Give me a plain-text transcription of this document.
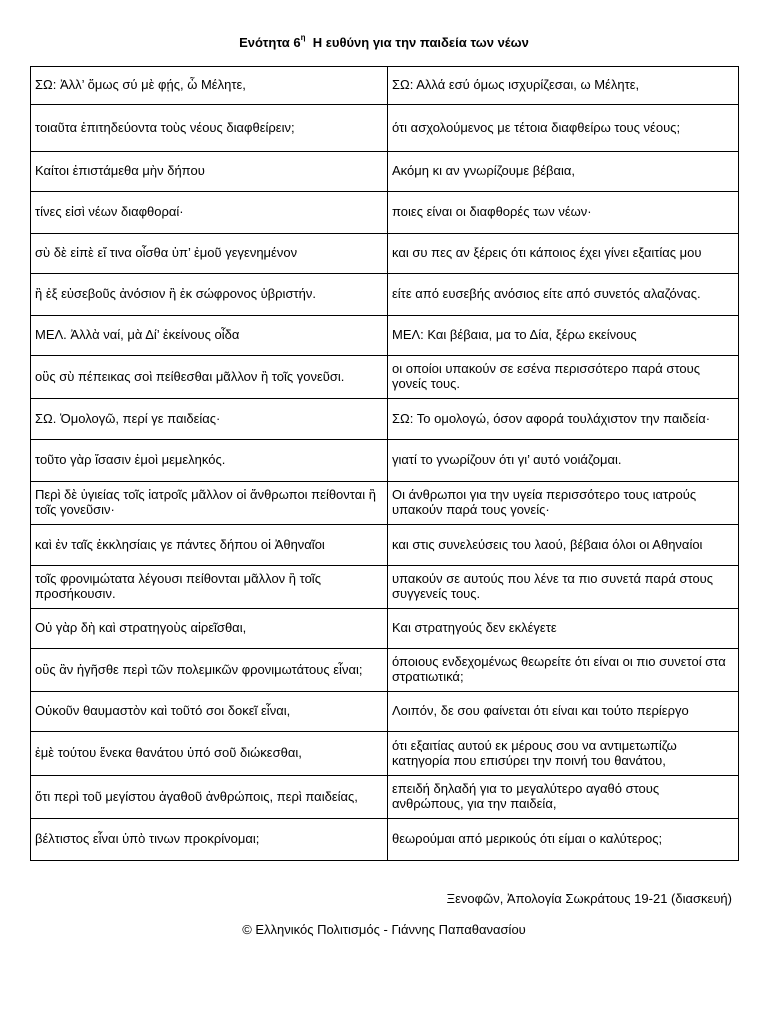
Ενότητα $6^\eta$  Η ευθύνη για την παιδεία των νέων
ΣΩ: Ἀλλ’ ὅμως σύ μὲ φῄς, ὦ Μέλητε,	ΣΩ: Αλλά εσύ όμως ισχυρίζεσαι, ω Μέλητε,
τοιαῦτα ἐπιτηδεύοντα τοὺς νέους διαφθείρειν;	ότι ασχολούμενος με τέτοια διαφθείρω τους νέους;
Καίτοι ἐπιστάμεθα μὴν δήπου	Ακόμη κι αν γνωρίζουμε βέβαια,
τίνες εἰσὶ νέων διαφθοραί·	ποιες είναι οι διαφθορές των νέων·
σὺ δὲ εἰπὲ εἴ τινα οἶσθα ὑπ’ ἐμοῦ γεγενημένον	και συ πες αν ξέρεις ότι κάποιος έχει γίνει εξαιτίας μου
ἢ ἐξ εὐσεβοῦς ἀνόσιον ἢ ἐκ σώφρονος ὑβριστήν.	είτε από ευσεβής ανόσιος είτε από συνετός αλαζόνας.
ΜΕΛ. Ἀλλὰ ναί, μὰ Δί’ ἐκείνους οἶδα	ΜΕΛ: Και βέβαια, μα το Δία, ξέρω εκείνους
οὓς σὺ πέπεικας σοὶ πείθεσθαι μᾶλλον ἢ τοῖς γονεῦσι.	οι οποίοι υπακούν σε εσένα περισσότερο παρά στους γονείς τους.
ΣΩ. Ὁμολογῶ, περί γε παιδείας·	ΣΩ: Το ομολογώ, όσον αφορά τουλάχιστον την παιδεία·
τοῦτο γὰρ ἴσασιν ἐμοὶ μεμεληκός.	γιατί το γνωρίζουν ότι γι’ αυτό νοιάζομαι.
Περὶ δὲ ὑγιείας τοῖς ἰατροῖς μᾶλλον οἱ ἄνθρωποι πείθονται ἢ τοῖς γονεῦσιν·	Οι άνθρωποι για την υγεία περισσότερο τους ιατρούς υπακούν παρά τους γονείς·
καὶ ἐν ταῖς ἐκκλησίαις γε πάντες δήπου οἱ Ἀθηναῖοι	και στις συνελεύσεις του λαού, βέβαια όλοι οι Αθηναίοι
τοῖς φρονιμώτατα λέγουσι πείθονται μᾶλλον ἢ τοῖς προσήκουσιν.	υπακούν σε αυτούς που λένε τα πιο συνετά παρά στους συγγενείς τους.
Οὐ γὰρ δὴ καὶ στρατηγοὺς αἱρεῖσθαι,	Και στρατηγούς δεν εκλέγετε
οὓς ἂν ἡγῆσθε περὶ τῶν πολεμικῶν φρονιμωτάτους εἶναι;	όποιους ενδεχομένως θεωρείτε ότι είναι οι πιο συνετοί στα στρατιωτικά;
Οὐκοῦν θαυμαστὸν καὶ τοῦτό σοι δοκεῖ εἶναι,	Λοιπόν, δε σου φαίνεται ότι είναι και τούτο περίεργο
ἐμὲ τούτου ἕνεκα θανάτου ὑπό σοῦ διώκεσθαι,	ότι εξαιτίας αυτού εκ μέρους σου να αντιμετωπίζω κατηγορία που επισύρει την ποινή του θανάτου,
ὅτι περὶ τοῦ μεγίστου ἀγαθοῦ ἀνθρώποις, περὶ παιδείας,	επειδή δηλαδή για το μεγαλύτερο αγαθό στους ανθρώπους, για την παιδεία,
βέλτιστος εἶναι ὑπὸ τινων προκρίνομαι;	θεωρούμαι από μερικούς ότι είμαι ο καλύτερος;
Ξενοφῶν, Ἀπολογία Σωκράτους 19-21 (διασκευή)
© Ελληνικός Πολιτισμός - Γιάννης Παπαθανασίου
